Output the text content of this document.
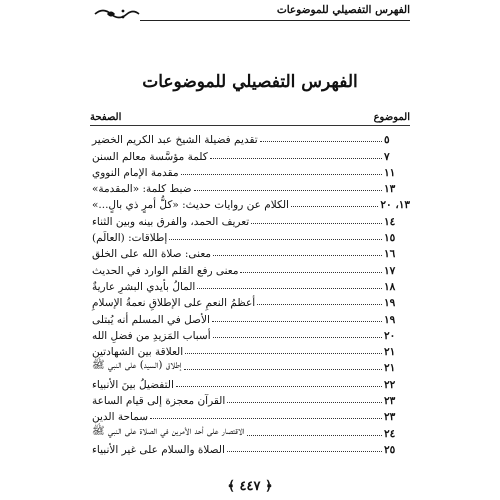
الفهرس التفصيلي للموضوعات
الفهرس التفصيلي للموضوعات
الموضوع
الصفحة
تقديم فضيلة الشيخ عبد الكريم الخضير	٥
كلمة مؤسَّسة معالم السنن	٧
مقدمة الإمام النووي	١١
ضبط كلمة: «المقدمة»	١٣
الكلام عن روايات حديث: «كلُّ أمرٍ ذي بالٍ...»	١٣، ٢٠
تعريف الحمد، والفرق بينه وبين الثناء	١٤
إطلاقات: (العالَم)	١٥
معنى: صلاة الله على الخلق	١٦
معنى رفع القلم الوارد في الحديث	١٧
المالُ بأيدي البشرِ عاريةٌ	١٨
أعظمُ النعمِ على الإطلاقِ نعمةُ الإسلامِ	١٩
الأصل في المسلم أنه يُبتلى	١٩
أسباب المَزيدِ من فضلِ الله	٢٠
العلاقة بين الشهادتين	٢١
إطلاق (السيد) على النبي ﷺ	٢١
التفضيلُ بينَ الأنبياء	٢٢
القرآن معجزة إلى قيام الساعة	٢٣
سماحة الدين	٢٣
الاقتصار على أحد الأمرين في الصلاة على النبي ﷺ	٢٤
الصلاة والسلام على غير الأنبياء	٢٥
﴿ ٤٤٧ ﴾
